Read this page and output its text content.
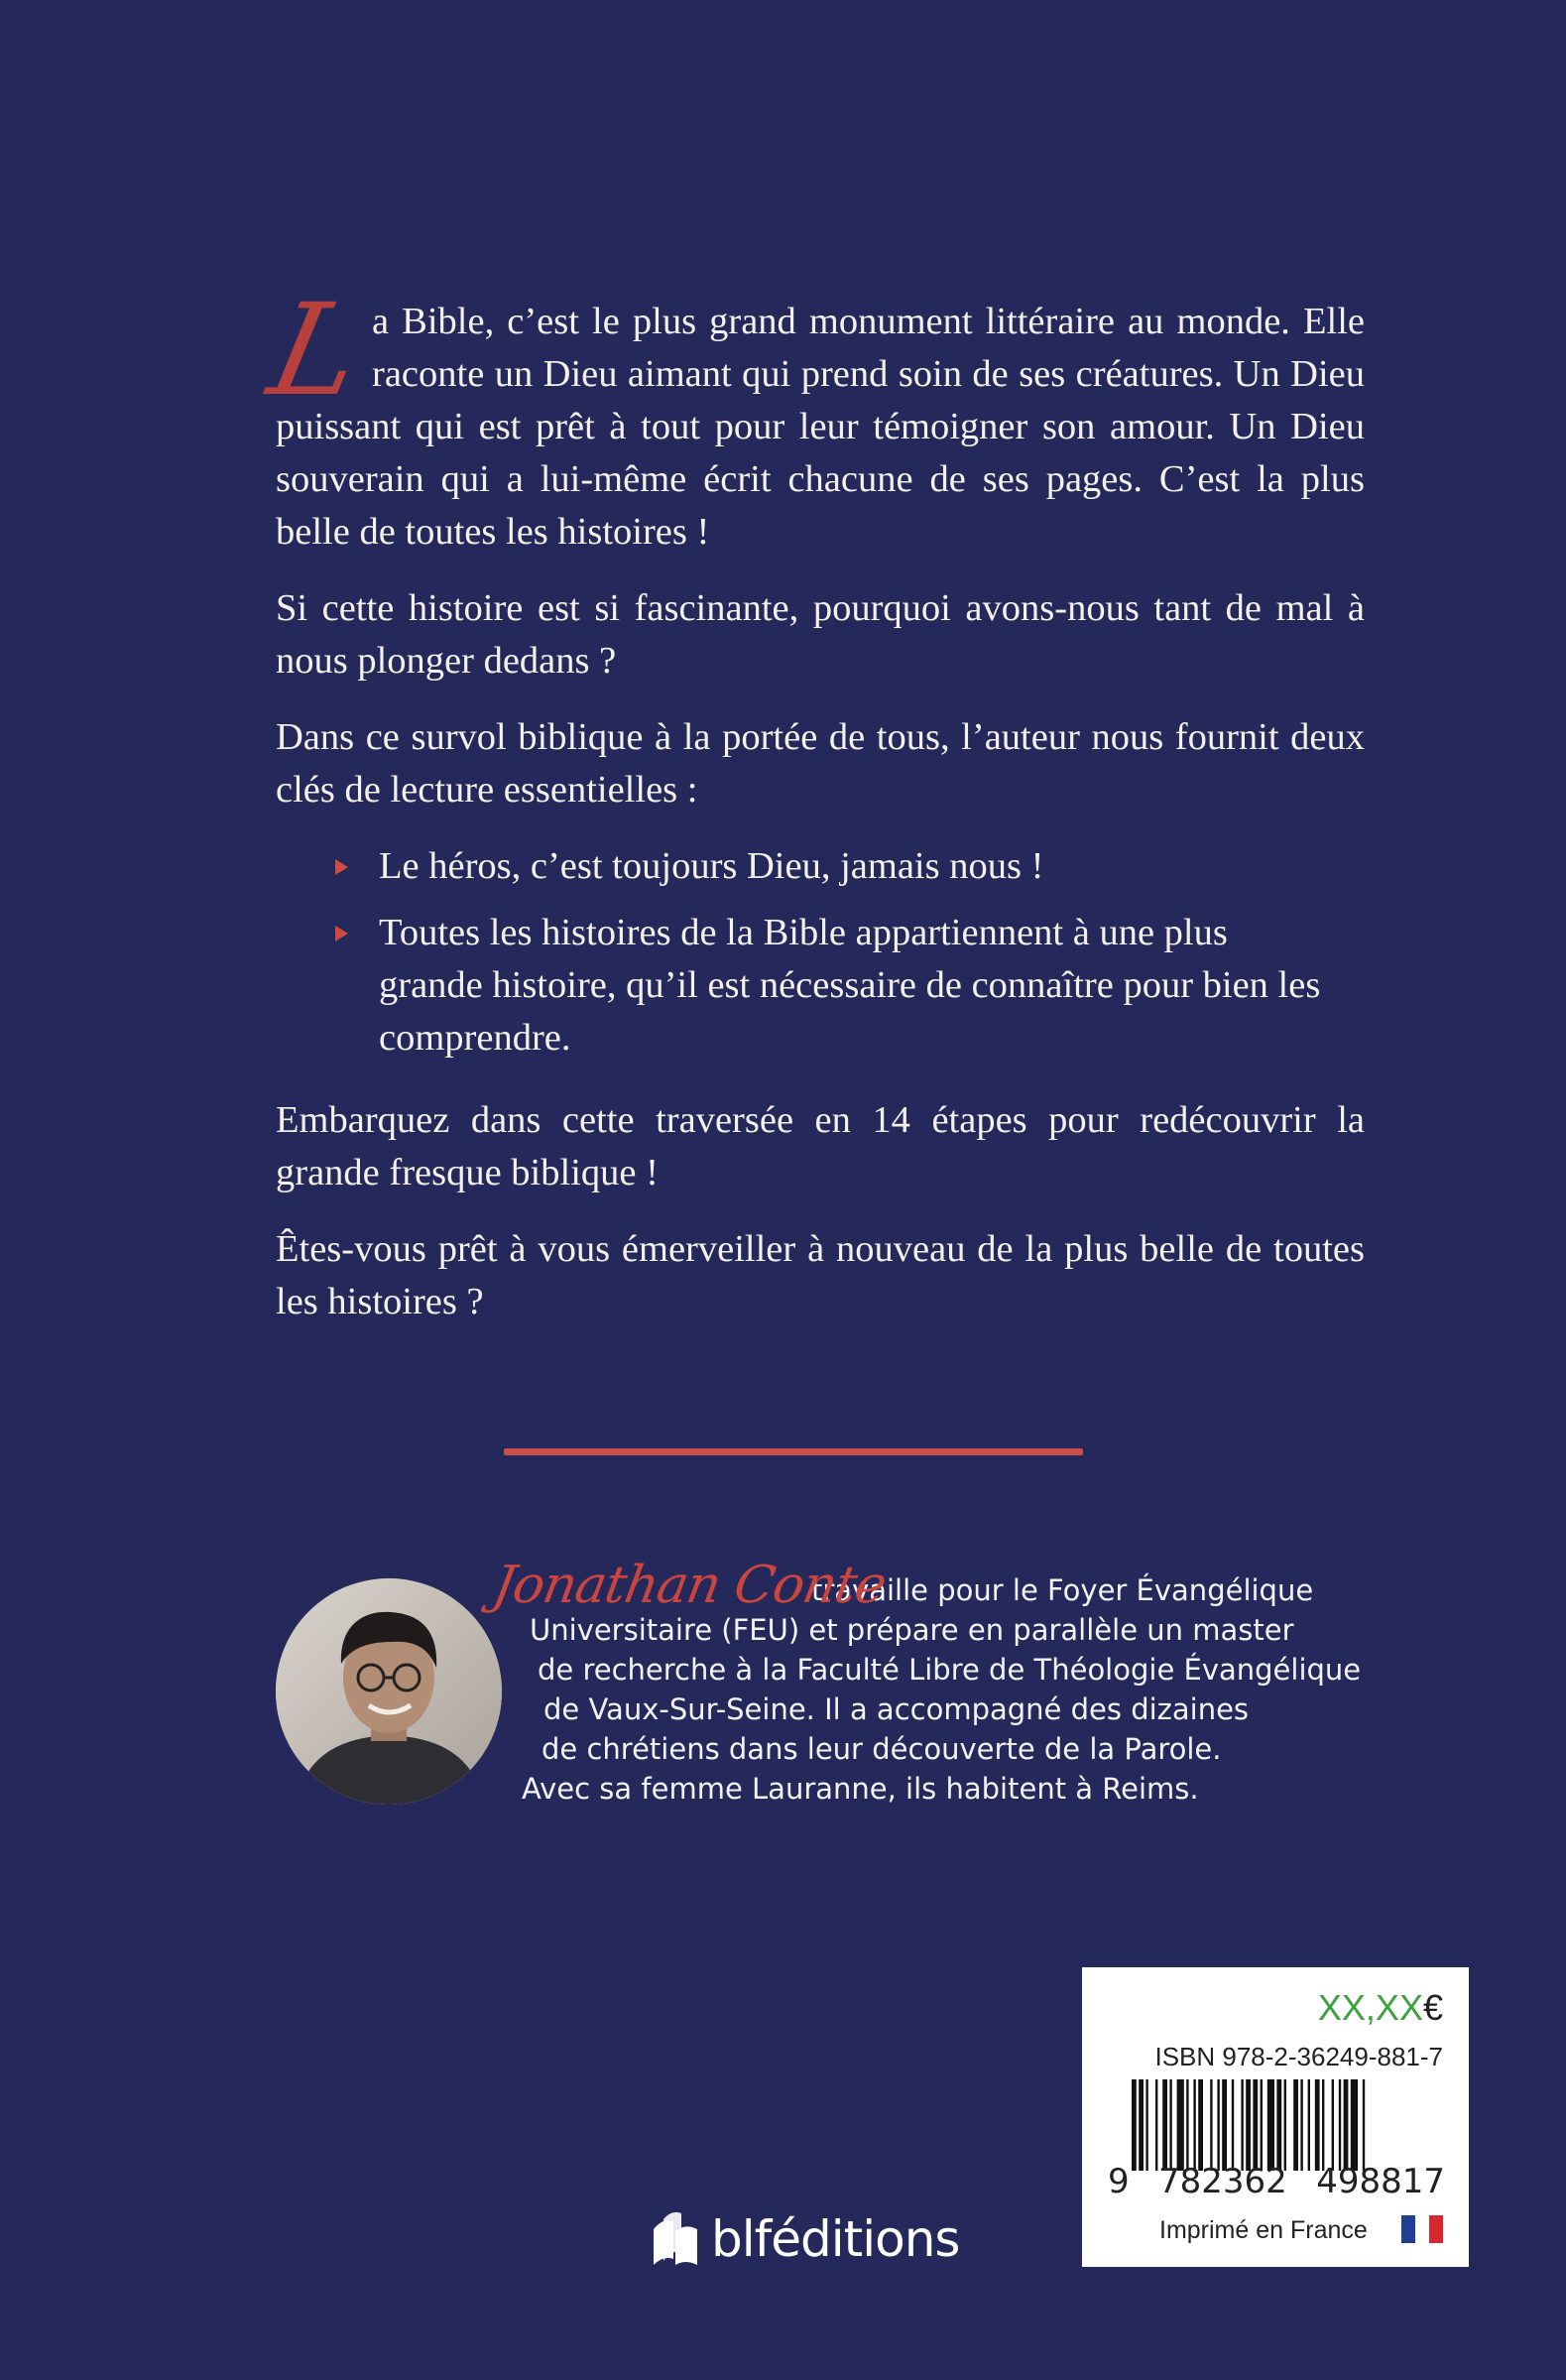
L
a Bible, c’est le plus grand monument littéraire au monde. Elle raconte un Dieu aimant qui prend soin de ses créatures. Un Dieu puissant qui est prêt à tout pour leur témoigner son amour. Un Dieu souverain qui a lui-même écrit chacune de ses pages. C’est la plus belle de toutes les histoires !

Si cette histoire est si fascinante, pourquoi avons-nous tant de mal à nous plonger dedans ?

Dans ce survol biblique à la portée de tous, l’auteur nous fournit deux clés de lecture essentielles :

Le héros, c’est toujours Dieu, jamais nous !
Toutes les histoires de la Bible appartiennent à une plus grande histoire, qu’il est nécessaire de connaître pour bien les comprendre.

Embarquez dans cette traversée en 14 étapes pour redécouvrir la grande fresque biblique !

Êtes-vous prêt à vous émerveiller à nouveau de la plus belle de toutes les histoires ?

travaille pour le Foyer Évangélique
Universitaire (FEU) et prépare en parallèle un master
de recherche à la Faculté Libre de Théologie Évangélique
de Vaux-Sur-Seine. Il a accompagné des dizaines
de chrétiens dans leur découverte de la Parole.
Avec sa femme Lauranne, ils habitent à Reims.
Jonathan Conte
blféditions
XX,XX€
ISBN 978-2-36249-881-7
9 782362 498817
Imprimé en France
